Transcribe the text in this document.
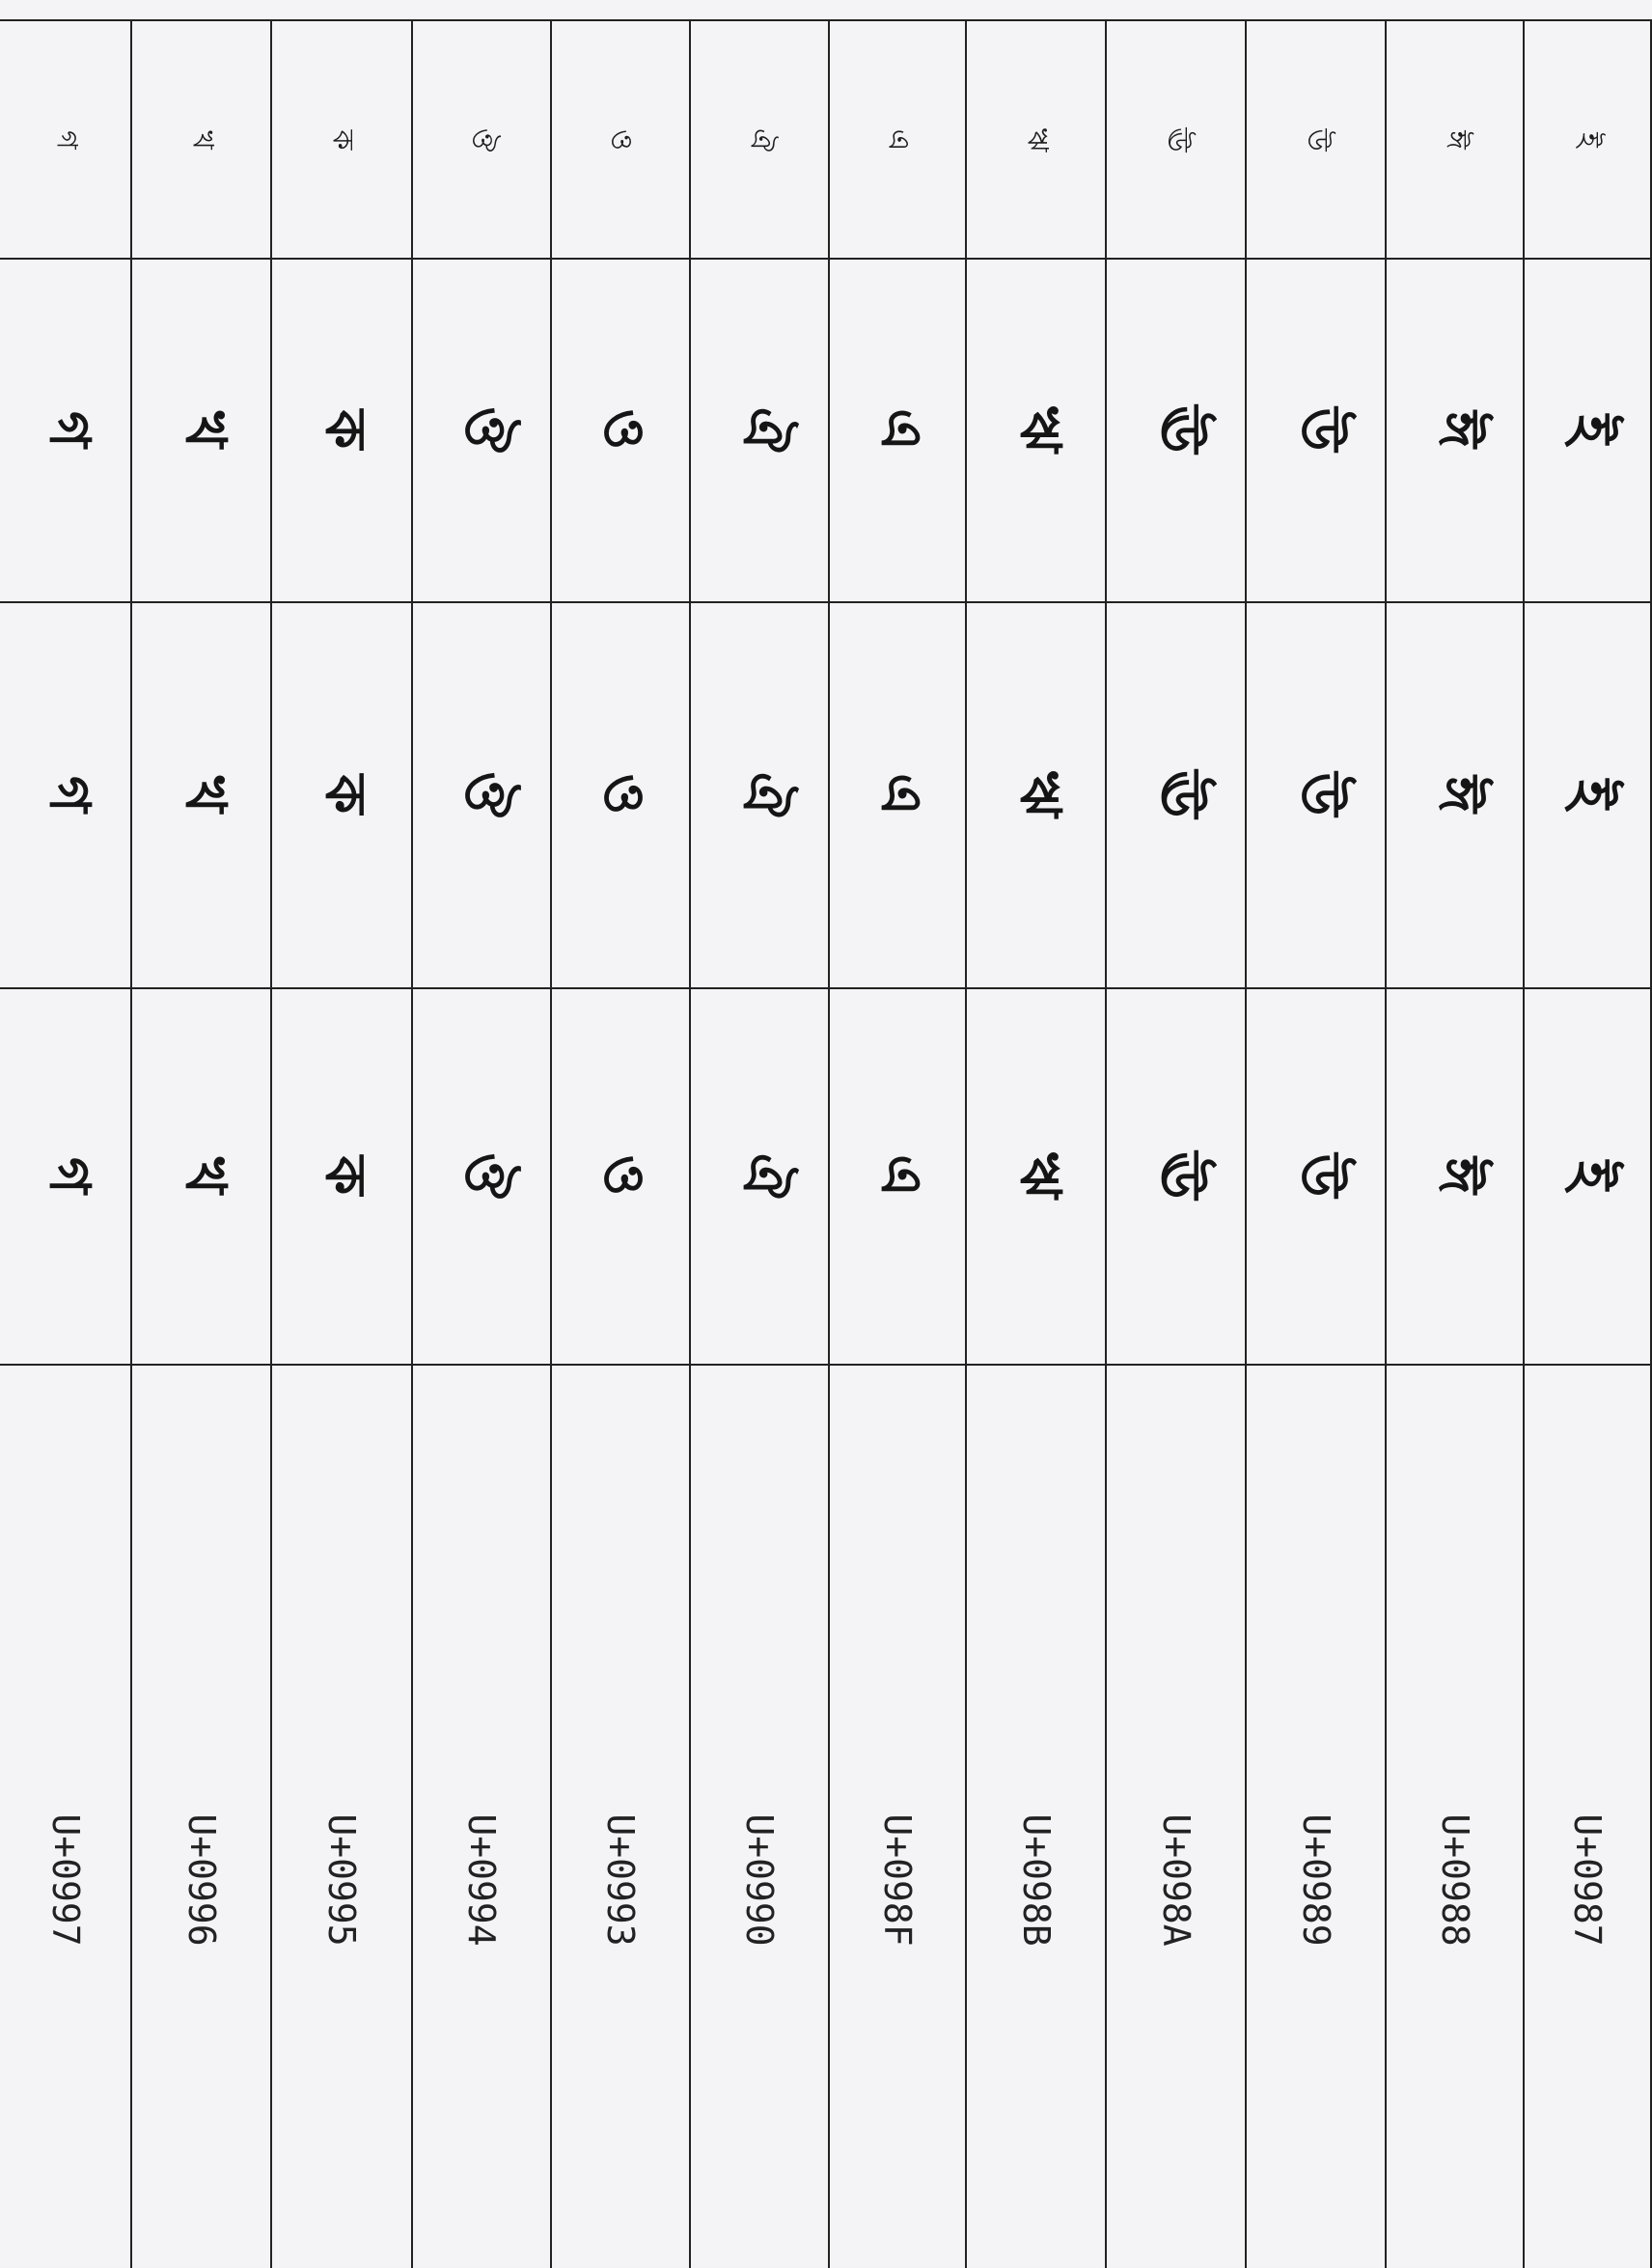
ই
ই
ই
ই
U+0987
ঈ
ঈ
ঈ
ঈ
U+0988
উ
উ
উ
উ
U+0989
ঊ
ঊ
ঊ
ঊ
U+098A
ঋ
ঋ
ঋ
ঋ
U+098B
এ
এ
এ
এ
U+098F
ঐ
ঐ
ঐ
ঐ
U+0990
ও
ও
ও
ও
U+0993
ঔ
ঔ
ঔ
ঔ
U+0994
ক
ক
ক
ক
U+0995
খ
খ
খ
খ
U+0996
গ
গ
গ
গ
U+0997
